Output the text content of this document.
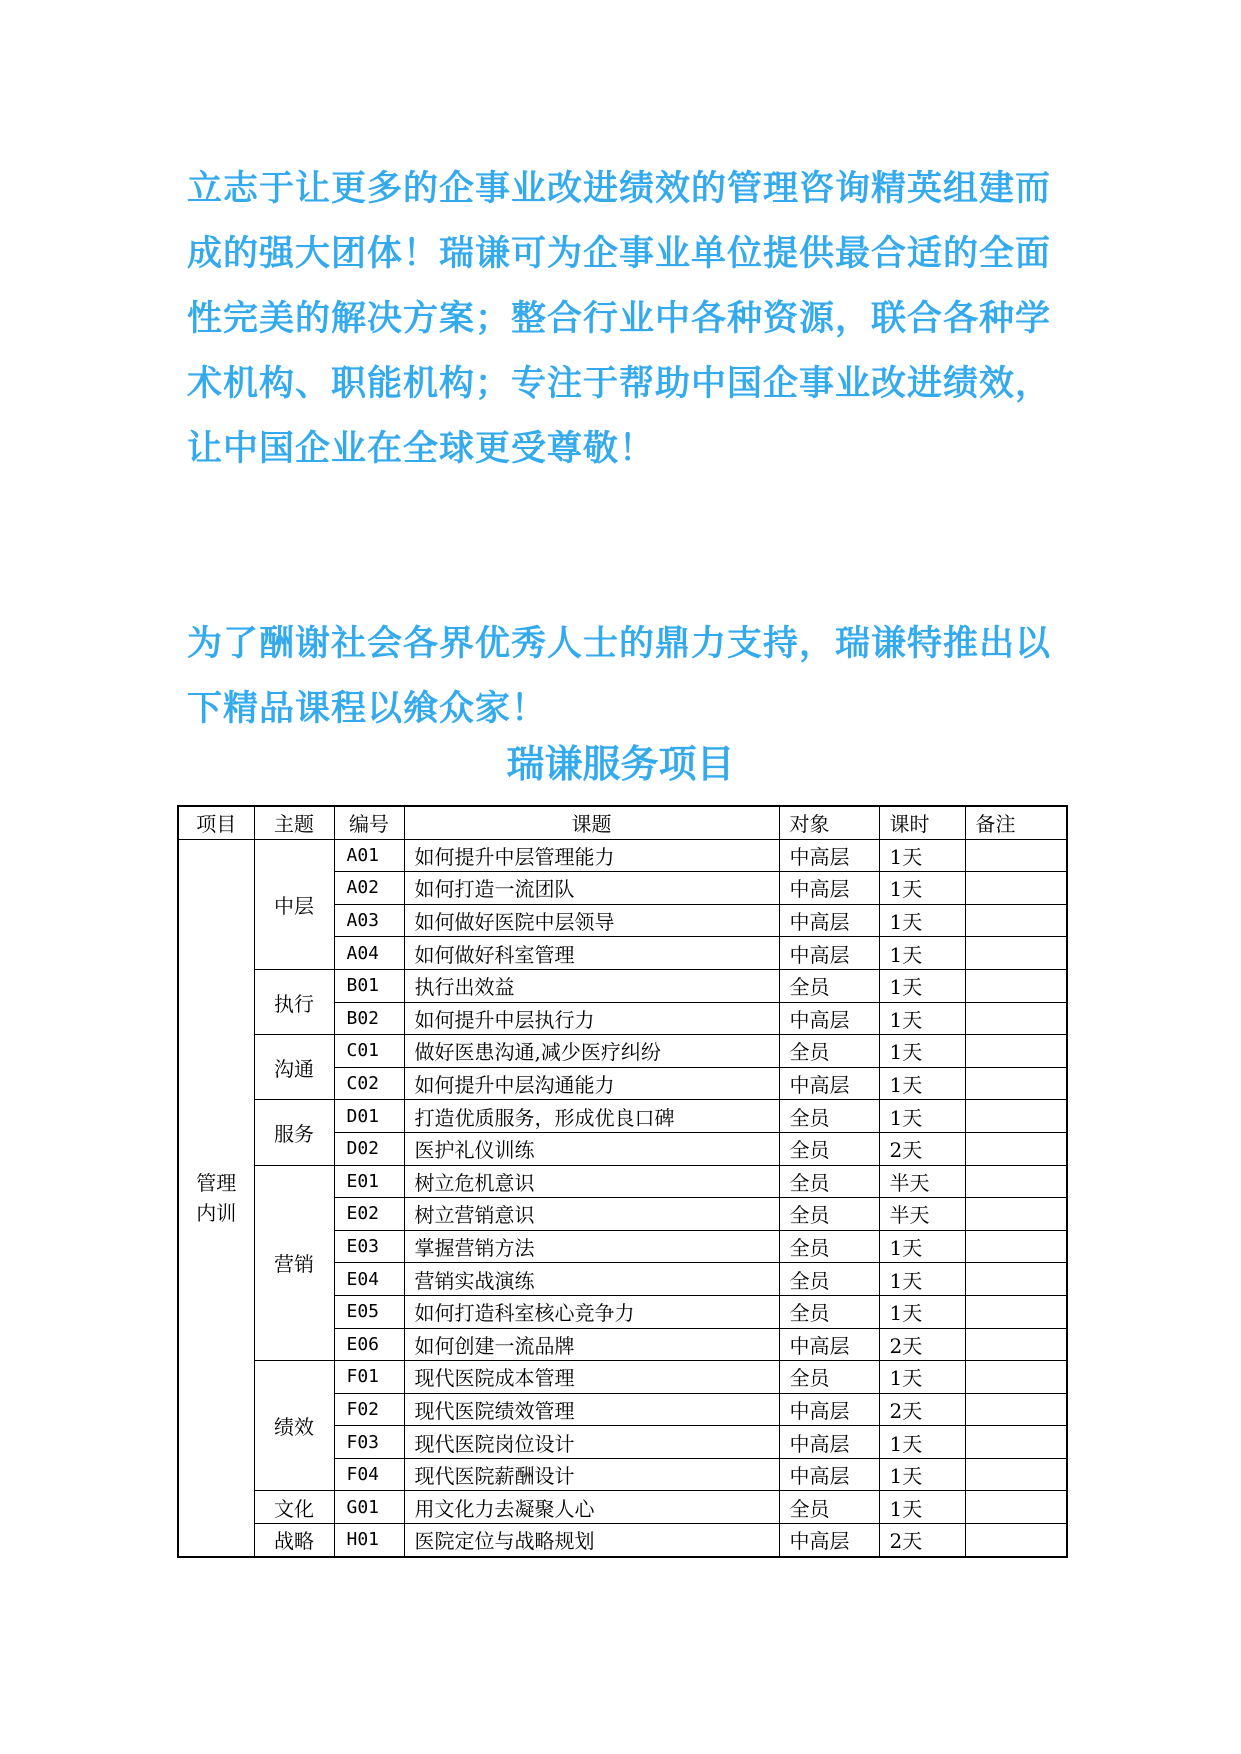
立志于让更多的企事业改进绩效的管理咨询精英组建而成的强大团体！瑞谦可为企事业单位提供最合适的全面性完美的解决方案；整合行业中各种资源，联合各种学术机构、职能机构；专注于帮助中国企事业改进绩效，让中国企业在全球更受尊敬！

为了酬谢社会各界优秀人士的鼎力支持，瑞谦特推出以下精品课程以飨众家！

瑞谦服务项目
项目	主题	编号	课题	对象	课时	备注
管理内训	中层	A01	如何提升中层管理能力	中高层	1天	
		A02	如何打造一流团队	中高层	1天	
		A03	如何做好医院中层领导	中高层	1天	
		A04	如何做好科室管理	中高层	1天	
	执行	B01	执行出效益	全员	1天	
		B02	如何提升中层执行力	中高层	1天	
	沟通	C01	做好医患沟通,减少医疗纠纷	全员	1天	
		C02	如何提升中层沟通能力	中高层	1天	
	服务	D01	打造优质服务，形成优良口碑	全员	1天	
		D02	医护礼仪训练	全员	2天	
	营销	E01	树立危机意识	全员	半天	
		E02	树立营销意识	全员	半天	
		E03	掌握营销方法	全员	1天	
		E04	营销实战演练	全员	1天	
		E05	如何打造科室核心竞争力	全员	1天	
		E06	如何创建一流品牌	中高层	2天	
	绩效	F01	现代医院成本管理	全员	1天	
		F02	现代医院绩效管理	中高层	2天	
		F03	现代医院岗位设计	中高层	1天	
		F04	现代医院薪酬设计	中高层	1天	
	文化	G01	用文化力去凝聚人心	全员	1天	
	战略	H01	医院定位与战略规划	中高层	2天	
